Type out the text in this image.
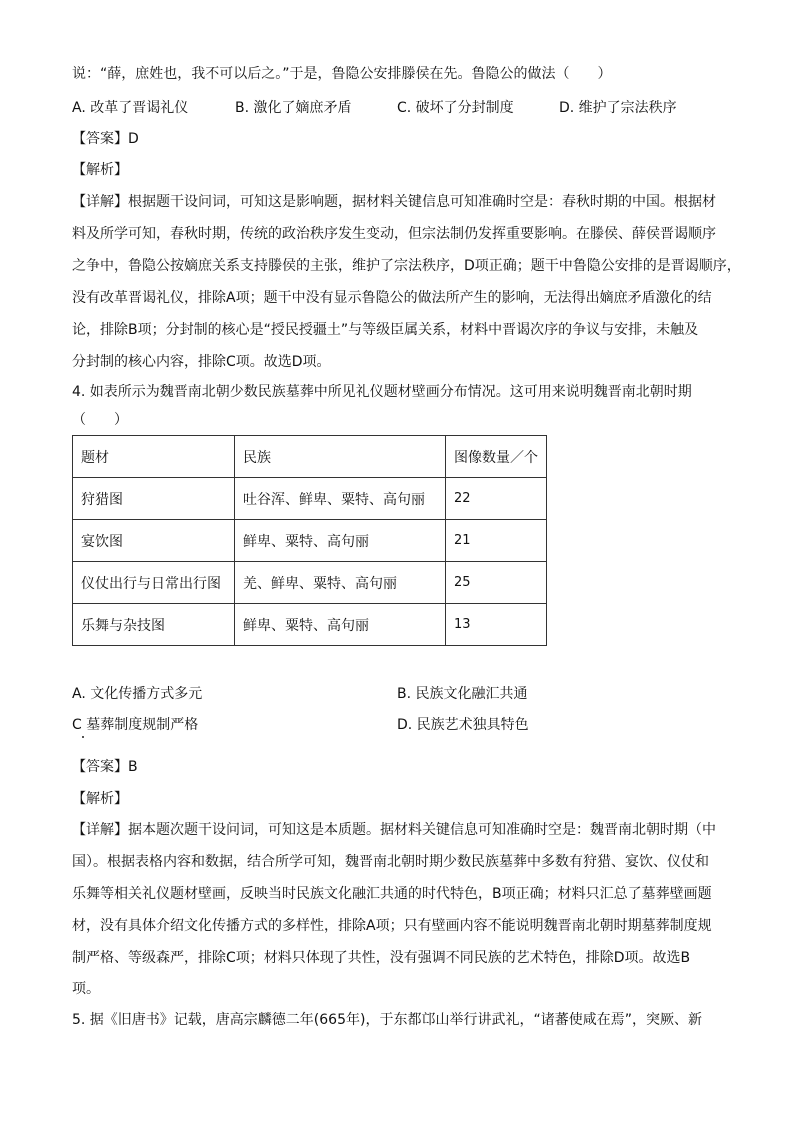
说：“薛，庶姓也，我不可以后之。”于是，鲁隐公安排滕侯在先。鲁隐公的做法（　　）
A. 改革了晋谒礼仪	B. 激化了嫡庶矛盾	C. 破坏了分封制度	D. 维护了宗法秩序
【答案】D
【解析】
【详解】根据题干设问词，可知这是影响题，据材料关键信息可知准确时空是：春秋时期的中国。根据材
料及所学可知，春秋时期，传统的政治秩序发生变动，但宗法制仍发挥重要影响。在滕侯、薛侯晋谒顺序
之争中，鲁隐公按嫡庶关系支持滕侯的主张，维护了宗法秩序，D项正确；题干中鲁隐公安排的是晋谒顺序，
没有改革晋谒礼仪，排除A项；题干中没有显示鲁隐公的做法所产生的影响，无法得出嫡庶矛盾激化的结
论，排除B项；分封制的核心是“授民授疆土”与等级臣属关系，材料中晋谒次序的争议与安排，未触及
分封制的核心内容，排除C项。故选D项。
4. 如表所示为魏晋南北朝少数民族墓葬中所见礼仪题材壁画分布情况。这可用来说明魏晋南北朝时期
（　　）
题材	民族	图像数量／个
狩猎图	吐谷浑、鲜卑、粟特、高句丽	22
宴饮图	鲜卑、粟特、高句丽	21
仪仗出行与日常出行图	羌、鲜卑、粟特、高句丽	25
乐舞与杂技图	鲜卑、粟特、高句丽	13
A. 文化传播方式多元	B. 民族文化融汇共通
C 墓葬制度规制严格	D. 民族艺术独具特色
【答案】B
【解析】
【详解】据本题次题干设问词，可知这是本质题。据材料关键信息可知准确时空是：魏晋南北朝时期（中
国）。根据表格内容和数据，结合所学可知，魏晋南北朝时期少数民族墓葬中多数有狩猎、宴饮、仪仗和
乐舞等相关礼仪题材壁画，反映当时民族文化融汇共通的时代特色，B项正确；材料只汇总了墓葬壁画题
材，没有具体介绍文化传播方式的多样性，排除A项；只有壁画内容不能说明魏晋南北朝时期墓葬制度规
制严格、等级森严，排除C项；材料只体现了共性，没有强调不同民族的艺术特色，排除D项。故选B
项。
5. 据《旧唐书》记载，唐高宗麟德二年(665年)，于东都邙山举行讲武礼，“诸蕃使咸在焉”，突厥、新
